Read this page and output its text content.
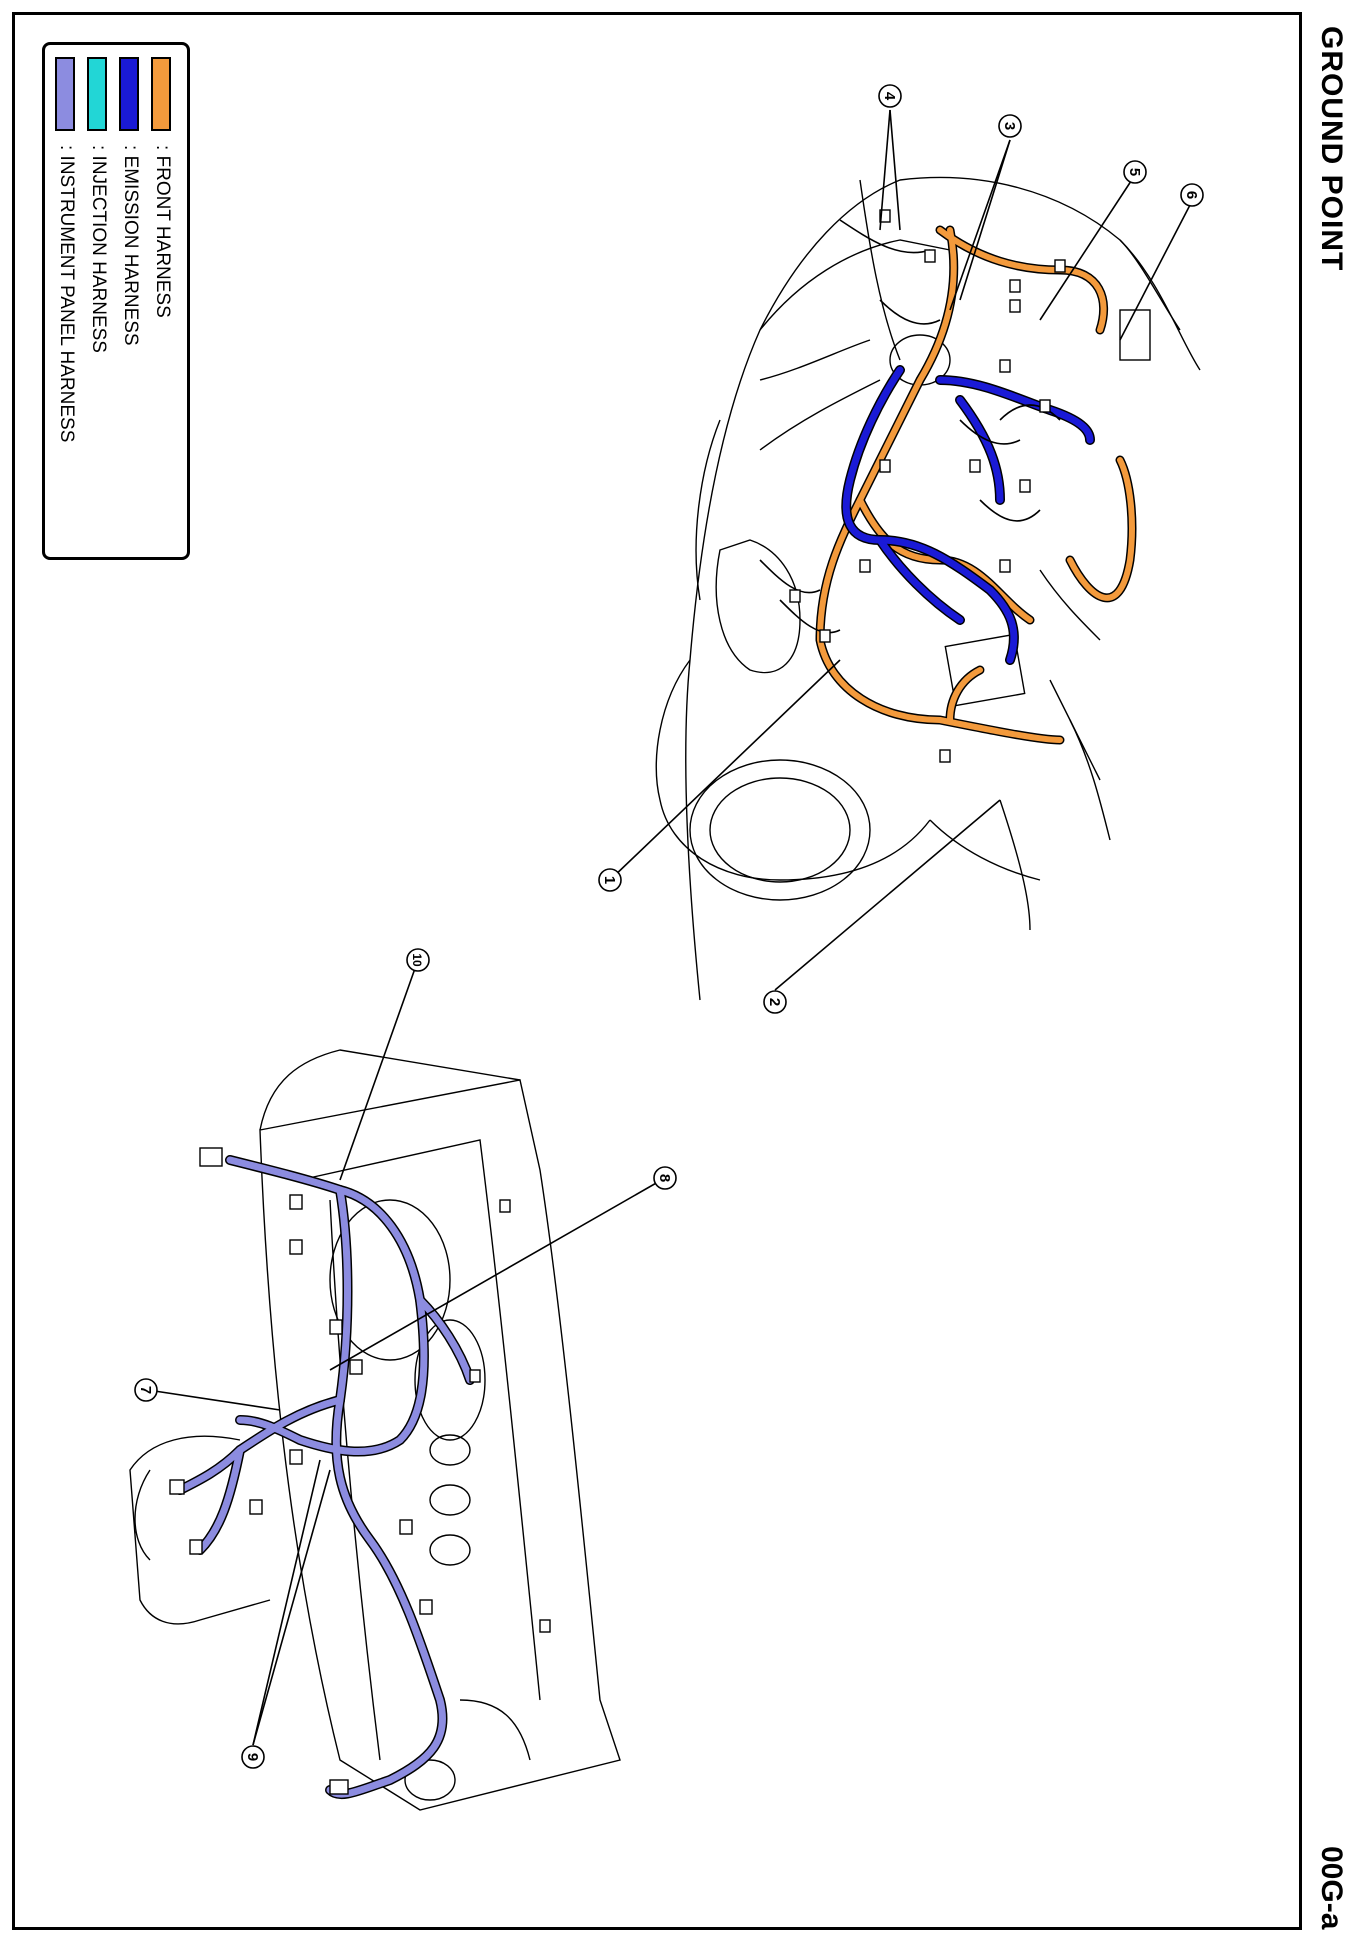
1
2
3
4
5
6
7
8
9
10
: FRONT HARNESS
: EMISSION HARNESS
: INJECTION HARNESS
: INSTRUMENT PANEL HARNESS	GROUND POINT
00G-a
